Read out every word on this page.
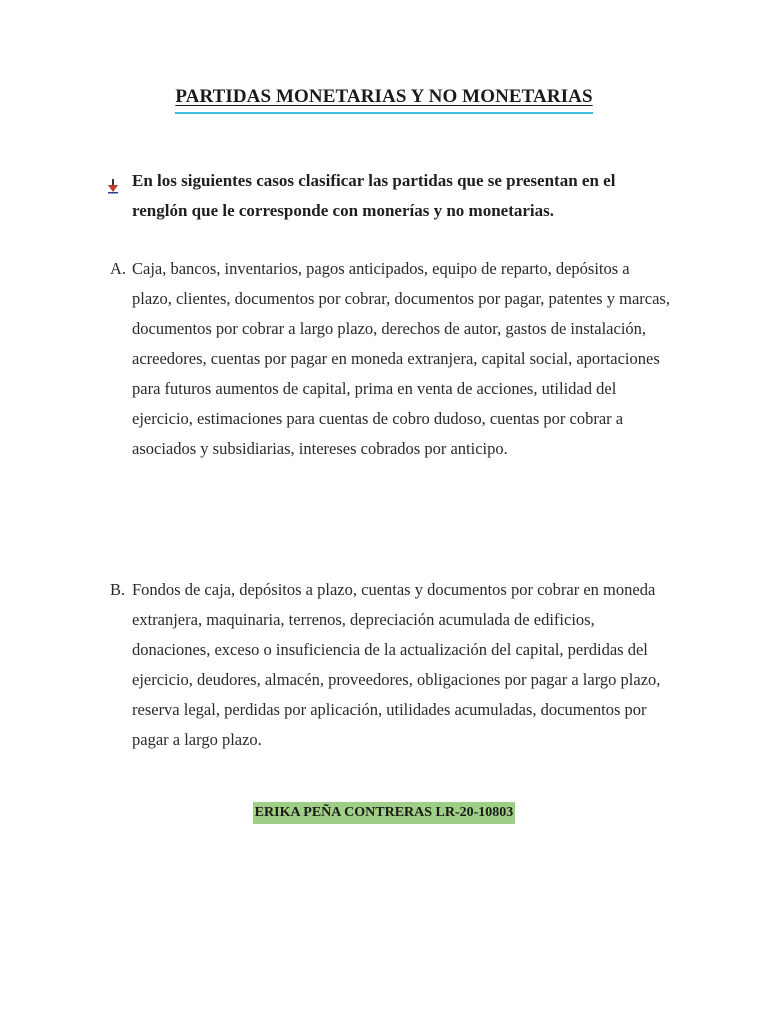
PARTIDAS MONETARIAS Y NO MONETARIAS
En los siguientes casos clasificar las partidas que se presentan en el renglón que le corresponde con monerías y no monetarias.
A. Caja, bancos, inventarios, pagos anticipados, equipo de reparto, depósitos a plazo, clientes, documentos por cobrar, documentos por pagar, patentes y marcas, documentos por cobrar a largo plazo, derechos de autor, gastos de instalación, acreedores, cuentas por pagar en moneda extranjera, capital social, aportaciones para futuros aumentos de capital, prima en venta de acciones, utilidad del ejercicio, estimaciones para cuentas de cobro dudoso, cuentas por cobrar a asociados y subsidiarias, intereses cobrados por anticipo.
B. Fondos de caja, depósitos a plazo, cuentas y documentos por cobrar en moneda extranjera, maquinaria, terrenos, depreciación acumulada de edificios, donaciones, exceso o insuficiencia de la actualización del capital, perdidas del ejercicio, deudores, almacén, proveedores, obligaciones por pagar a largo plazo, reserva legal, perdidas por aplicación, utilidades acumuladas, documentos por pagar a largo plazo.
ERIKA PEÑA CONTRERAS LR-20-10803
